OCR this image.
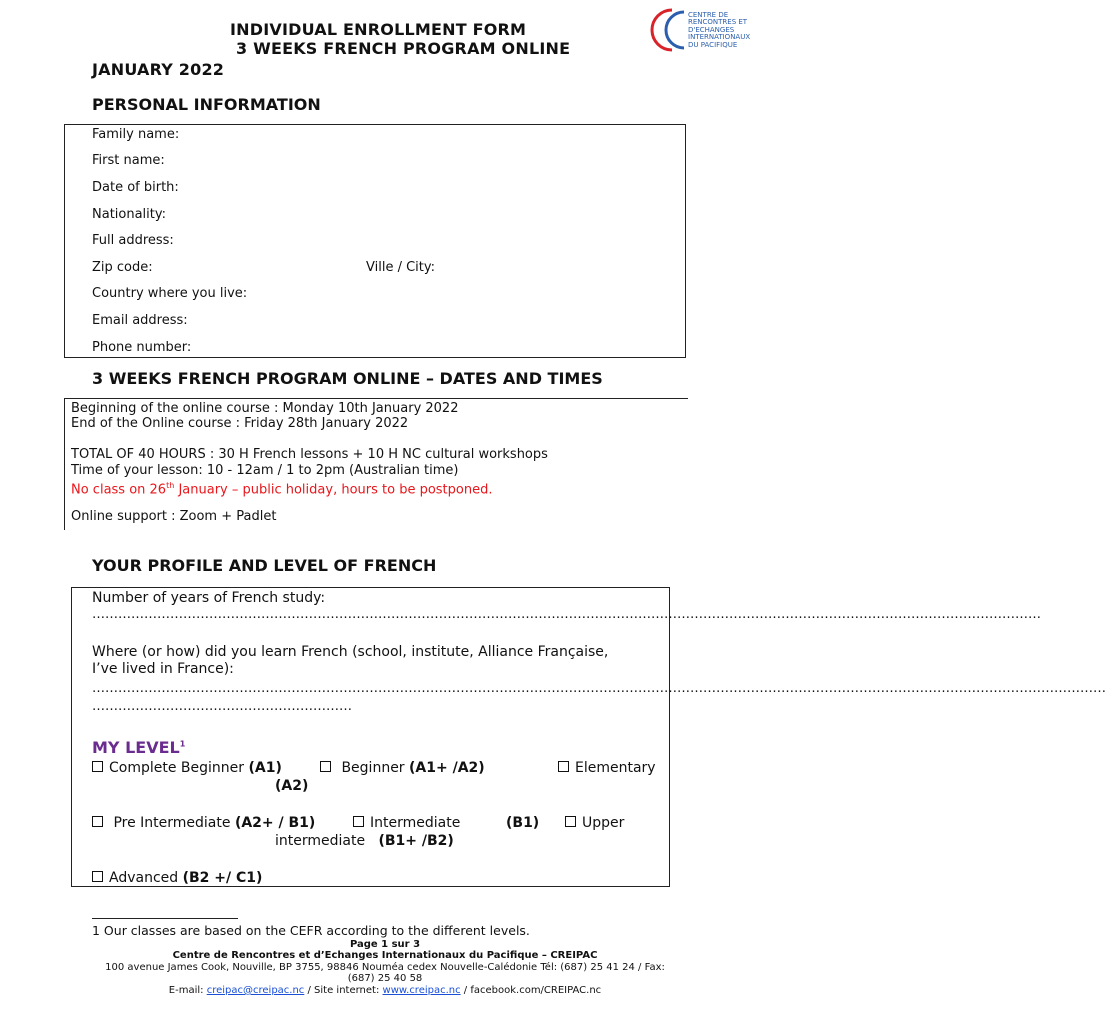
INDIVIDUAL ENROLLMENT FORM
3 WEEKS FRENCH PROGRAM ONLINE
JANUARY 2022
CENTRE DE
RENCONTRES ET
D'ECHANGES
INTERNATIONAUX
DU PACIFIQUE
PERSONAL INFORMATION
Family name:
First name:
Date of birth:
Nationality:
Full address:
Zip code:	Ville / City:
Country where you live:
Email address:
Phone number:
3 WEEKS FRENCH PROGRAM ONLINE – DATES AND TIMES
Beginning of the online course : Monday 10th January 2022
End of the Online course : Friday 28th January 2022
TOTAL OF 40 HOURS : 30 H French lessons + 10 H NC cultural workshops
Time of your lesson: 10 - 12am / 1 to 2pm (Australian time)
No class on 26th January – public holiday, hours to be postponed.
Online support : Zoom + Padlet
YOUR PROFILE AND LEVEL OF FRENCH
Number of years of French study:
…………………………………………………………………………………………………………………………………………………………………………………………………
Where (or how) did you learn French (school, institute, Alliance Française,
I’ve lived in France):
………………………………………………………………………………………………………………………………………………………………………………………………………………
……………………………………………………
MY LEVEL$^1$
Complete Beginner (A1)	Beginner (A1+ /A2)	Elementary
(A2)
Pre Intermediate (A2+ / B1)	Intermediate	(B1)	Upper
intermediate (B1+ /B2)
Advanced (B2 +/ C1)
1 Our classes are based on the CEFR according to the different levels.
Page 1 sur 3
Centre de Rencontres et d’Echanges Internationaux du Pacifique – CREIPAC
100 avenue James Cook, Nouville, BP 3755, 98846 Nouméa cedex Nouvelle-Calédonie Tél: (687) 25 41 24 / Fax:
(687) 25 40 58
E-mail: creipac@creipac.nc / Site internet: www.creipac.nc / facebook.com/CREIPAC.nc
